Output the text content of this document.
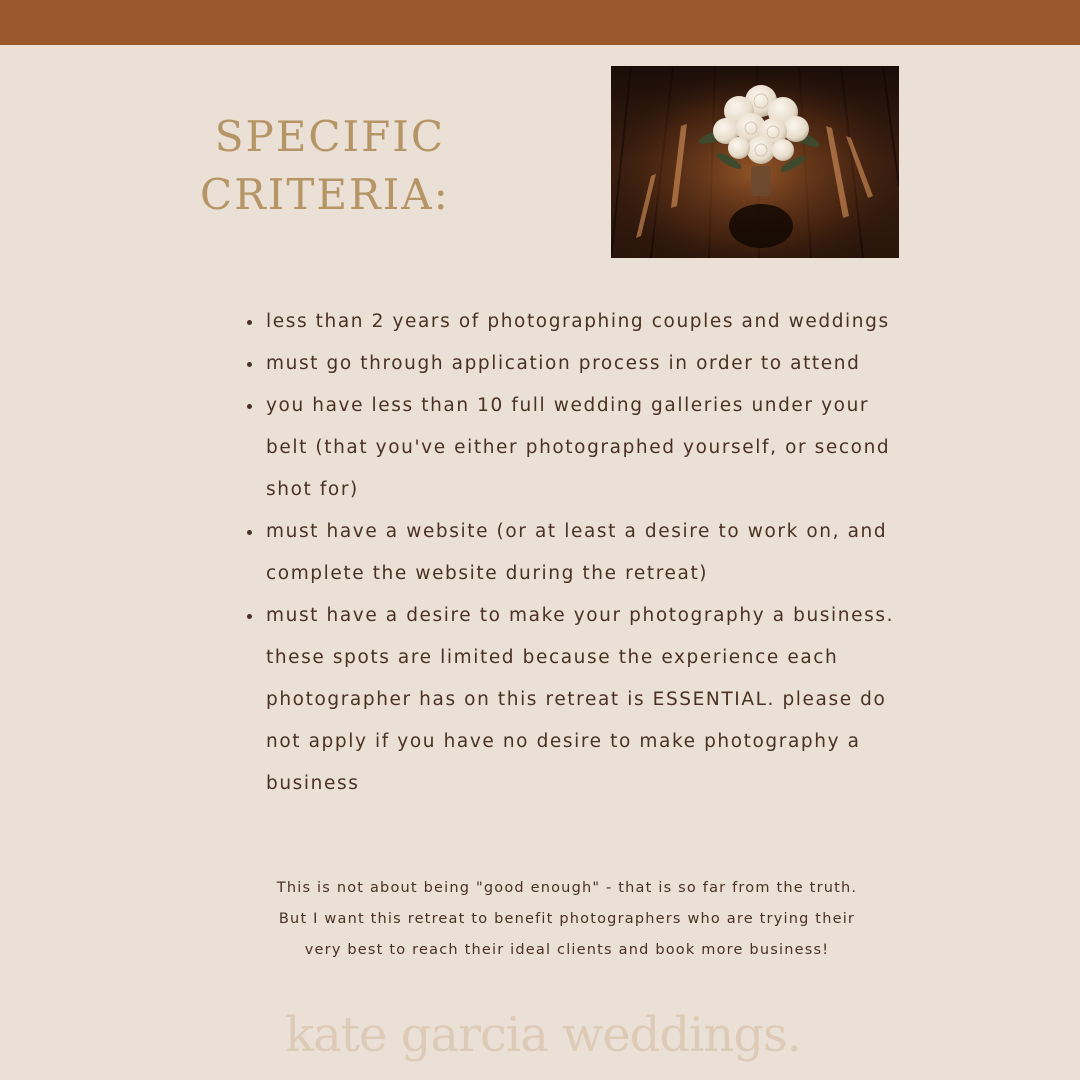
SPECIFIC
CRITERIA:
less than 2 years of photographing couples and weddings
must go through application process in order to attend
you have less than 10 full wedding galleries under your belt (that you've either photographed yourself, or second shot for)
must have a website (or at least a desire to work on, and complete the website during the retreat)
must have a desire to make your photography a business. these spots are limited because the experience each photographer has on this retreat is ESSENTIAL. please do not apply if you have no desire to make photography a business

This is not about being "good enough" - that is so far from the truth.
But I want this retreat to benefit photographers who are trying their
very best to reach their ideal clients and book more business!

kate garcia weddings.
